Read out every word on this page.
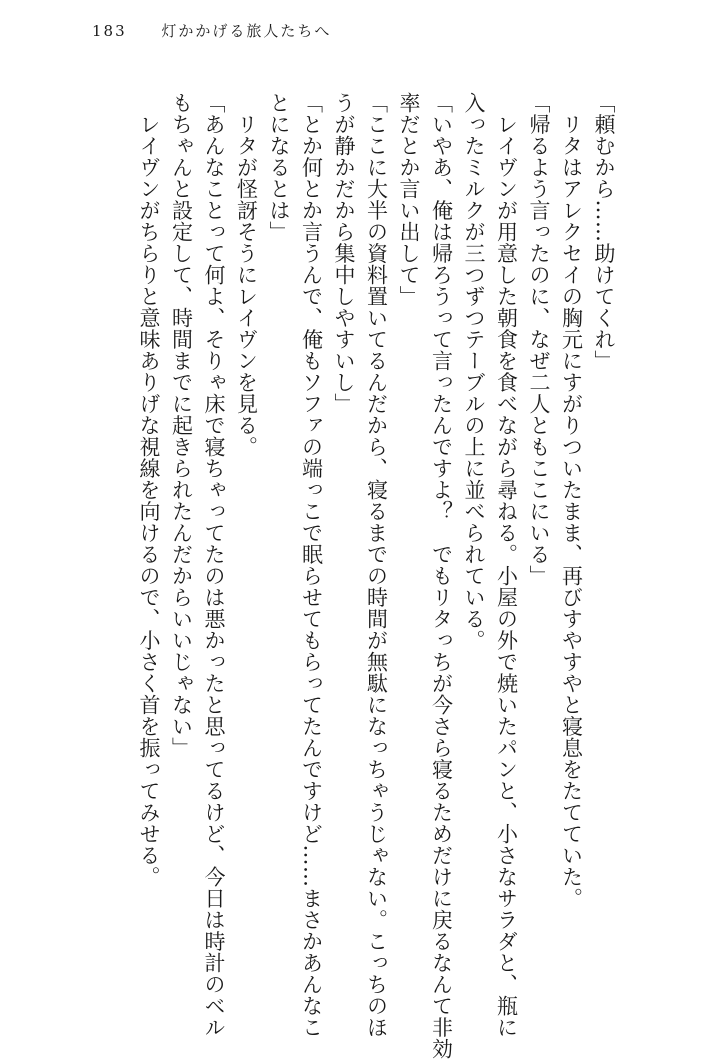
183 灯かかげる旅人たちへ
「頼むから……助けてくれ」
　リタはアレクセイの胸元にすがりついたまま、再びすやすやと寝息をたてていた。
「帰るよう言ったのに、なぜ二人ともここにいる」
　レイヴンが用意した朝食を食べながら尋ねる。小屋の外で焼いたパンと、小さなサラダと、瓶に
入ったミルクが三つずつテーブルの上に並べられている。
「いやあ、俺は帰ろうって言ったんですよ？　でもリタっちが今さら寝るためだけに戻るなんて非効
率だとか言い出して」
「ここに大半の資料置いてるんだから、寝るまでの時間が無駄になっちゃうじゃない。こっちのほ
うが静かだから集中しやすいし」
「とか何とか言うんで、俺もソファの端っこで眠らせてもらってたんですけど……まさかあんなこ
とになるとは」
　リタが怪訝そうにレイヴンを見る。
「あんなことって何よ、そりゃ床で寝ちゃってたのは悪かったと思ってるけど、今日は時計のベル
もちゃんと設定して、時間までに起きられたんだからいいじゃない」
　レイヴンがちらりと意味ありげな視線を向けるので、小さく首を振ってみせる。
